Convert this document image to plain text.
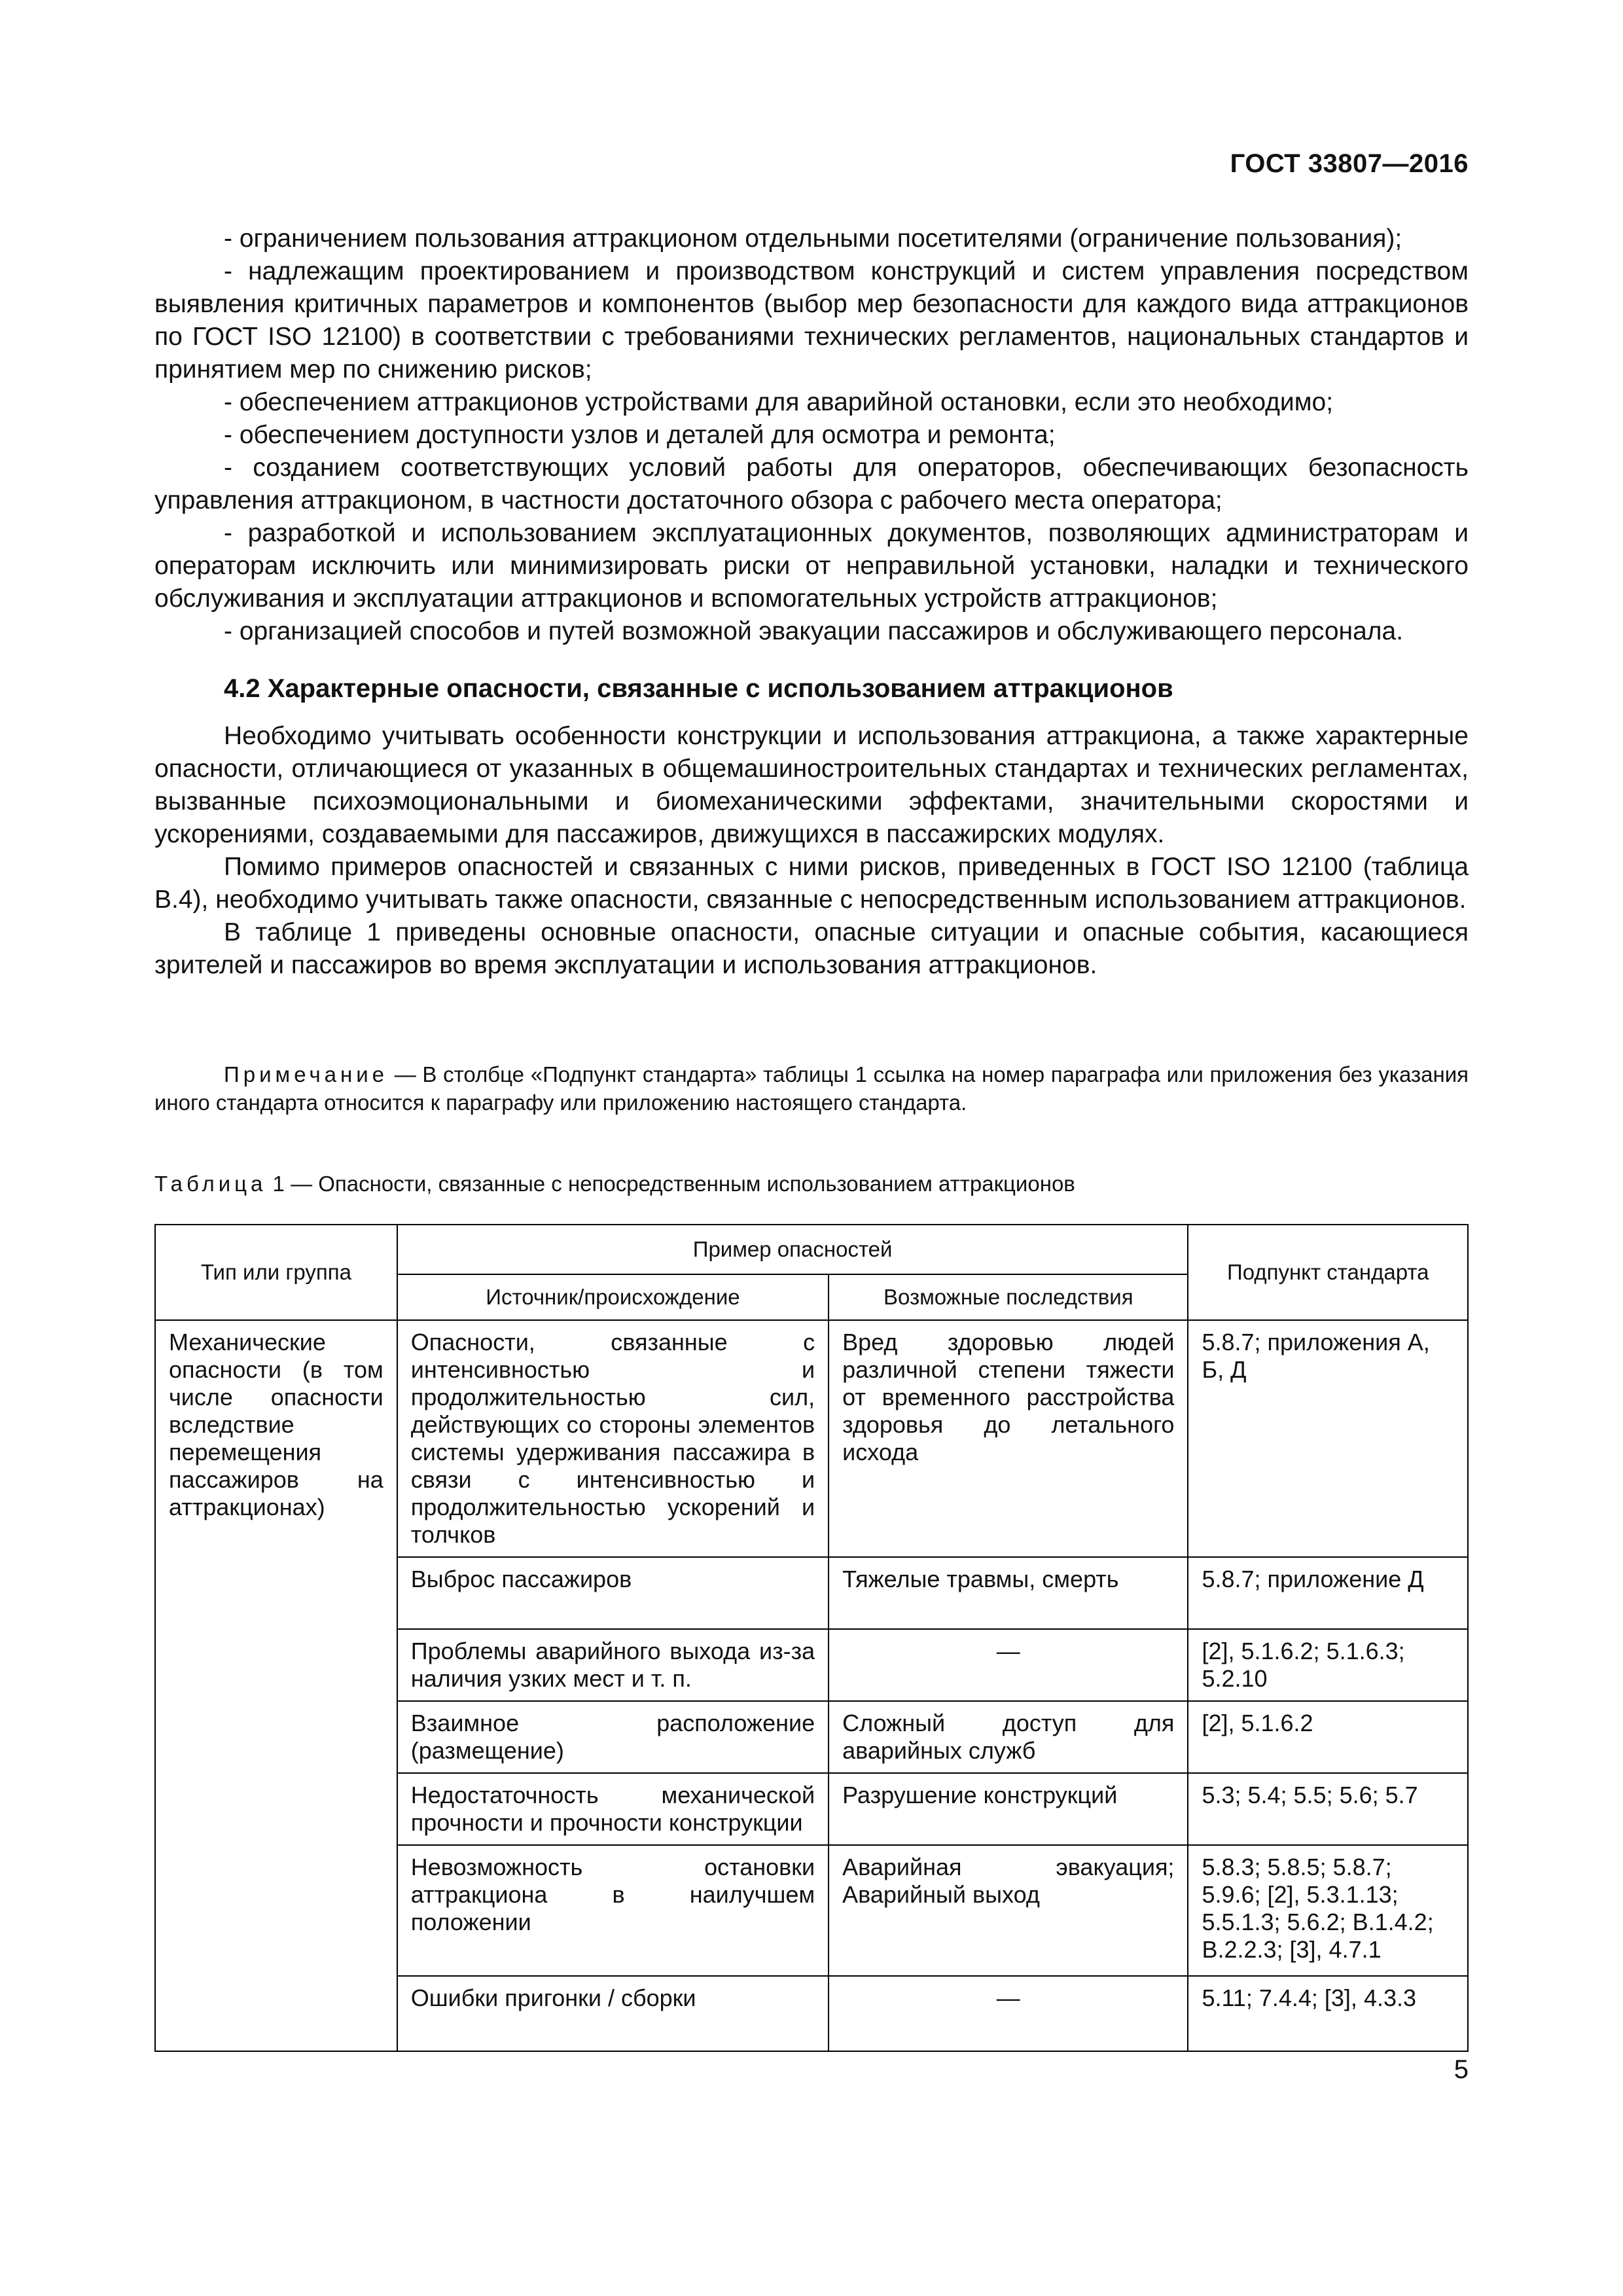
ГОСТ 33807—2016

- ограничением пользования аттракционом отдельными посетителями (ограничение пользования);

- надлежащим проектированием и производством конструкций и систем управления посредством выявления критичных параметров и компонентов (выбор мер безопасности для каждого вида аттракционов по ГОСТ ISO 12100) в соответствии с требованиями технических регламентов, национальных стандартов и принятием мер по снижению рисков;

- обеспечением аттракционов устройствами для аварийной остановки, если это необходимо;

- обеспечением доступности узлов и деталей для осмотра и ремонта;

- созданием соответствующих условий работы для операторов, обеспечивающих безопасность управления аттракционом, в частности достаточного обзора с рабочего места оператора;

- разработкой и использованием эксплуатационных документов, позволяющих администраторам и операторам исключить или минимизировать риски от неправильной установки, наладки и технического обслуживания и эксплуатации аттракционов и вспомогательных устройств аттракционов;

- организацией способов и путей возможной эвакуации пассажиров и обслуживающего персонала.

4.2 Характерные опасности, связанные с использованием аттракционов

Необходимо учитывать особенности конструкции и использования аттракциона, а также характерные опасности, отличающиеся от указанных в общемашиностроительных стандартах и технических регламентах, вызванные психоэмоциональными и биомеханическими эффектами, значительными скоростями и ускорениями, создаваемыми для пассажиров, движущихся в пассажирских модулях.

Помимо примеров опасностей и связанных с ними рисков, приведенных в ГОСТ ISO 12100 (таблица В.4), необходимо учитывать также опасности, связанные с непосредственным использованием аттракционов.

В таблице 1 приведены основные опасности, опасные ситуации и опасные события, касающиеся зрителей и пассажиров во время эксплуатации и использования аттракционов.

Примечание — В столбце «Подпункт стандарта» таблицы 1 ссылка на номер параграфа или приложения без указания иного стандарта относится к параграфу или приложению настоящего стандарта.
Таблица 1 — Опасности, связанные с непосредственным использованием аттракционов
Тип или группа	Пример опасностей		Подпункт стандарта
	Источник/происхождение	Возможные последствия	
Механические опасности (в том числе опасности вследствие перемещения пассажиров на аттракционах)	Опасности, связанные с интенсивностью и продолжительностью сил, действующих со стороны элементов системы удерживания пассажира в связи с интенсивностью и продолжительностью ускорений и толчков	Вред здоровью людей различной степени тяжести от временного расстройства здоровья до летального исхода	5.8.7; приложения А, Б, Д
	Выброс пассажиров	Тяжелые травмы, смерть	5.8.7; приложение Д
	Проблемы аварийного выхода из-за наличия узких мест и т. п.	—	[2], 5.1.6.2; 5.1.6.3; 5.2.10
	Взаимное расположение (размещение)	Сложный доступ для аварийных служб	[2], 5.1.6.2
	Недостаточность механической прочности и прочности конструкции	Разрушение конструкций	5.3; 5.4; 5.5; 5.6; 5.7
	Невозможность остановки аттракциона в наилучшем положении	Аварийная эвакуация; Аварийный выход	5.8.3; 5.8.5; 5.8.7; 5.9.6; [2], 5.3.1.13; 5.5.1.3; 5.6.2; В.1.4.2; В.2.2.3; [3], 4.7.1
	Ошибки пригонки / сборки	—	5.11; 7.4.4; [3], 4.3.3
5
